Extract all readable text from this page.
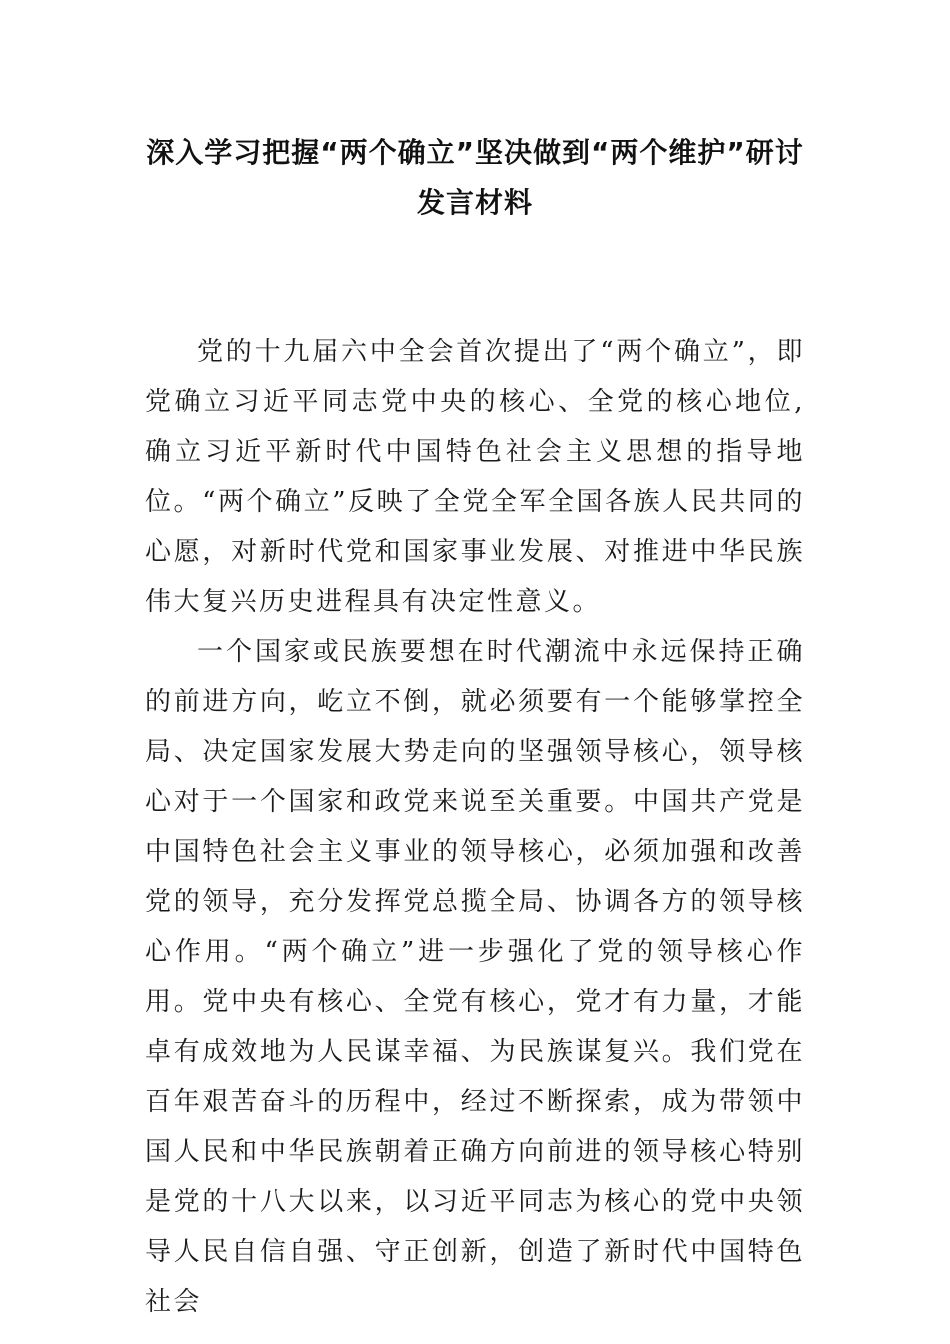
深入学习把握“两个确立”坚决做到“两个维护”研讨发言材料

党的十九届六中全会首次提出了“两个确立”，即党确立习近平同志党中央的核心、全党的核心地位,确立习近平新时代中国特色社会主义思想的指导地位。“两个确立”反映了全党全军全国各族人民共同的心愿，对新时代党和国家事业发展、对推进中华民族伟大复兴历史进程具有决定性意义。

一个国家或民族要想在时代潮流中永远保持正确的前进方向，屹立不倒，就必须要有一个能够掌控全局、决定国家发展大势走向的坚强领导核心，领导核心对于一个国家和政党来说至关重要。中国共产党是中国特色社会主义事业的领导核心，必须加强和改善党的领导，充分发挥党总揽全局、协调各方的领导核心作用。“两个确立”进一步强化了党的领导核心作用。党中央有核心、全党有核心，党才有力量，才能卓有成效地为人民谋幸福、为民族谋复兴。我们党在百年艰苦奋斗的历程中，经过不断探索，成为带领中国人民和中华民族朝着正确方向前进的领导核心特别是党的十八大以来，以习近平同志为核心的党中央领导人民自信自强、守正创新，创造了新时代中国特色社会
